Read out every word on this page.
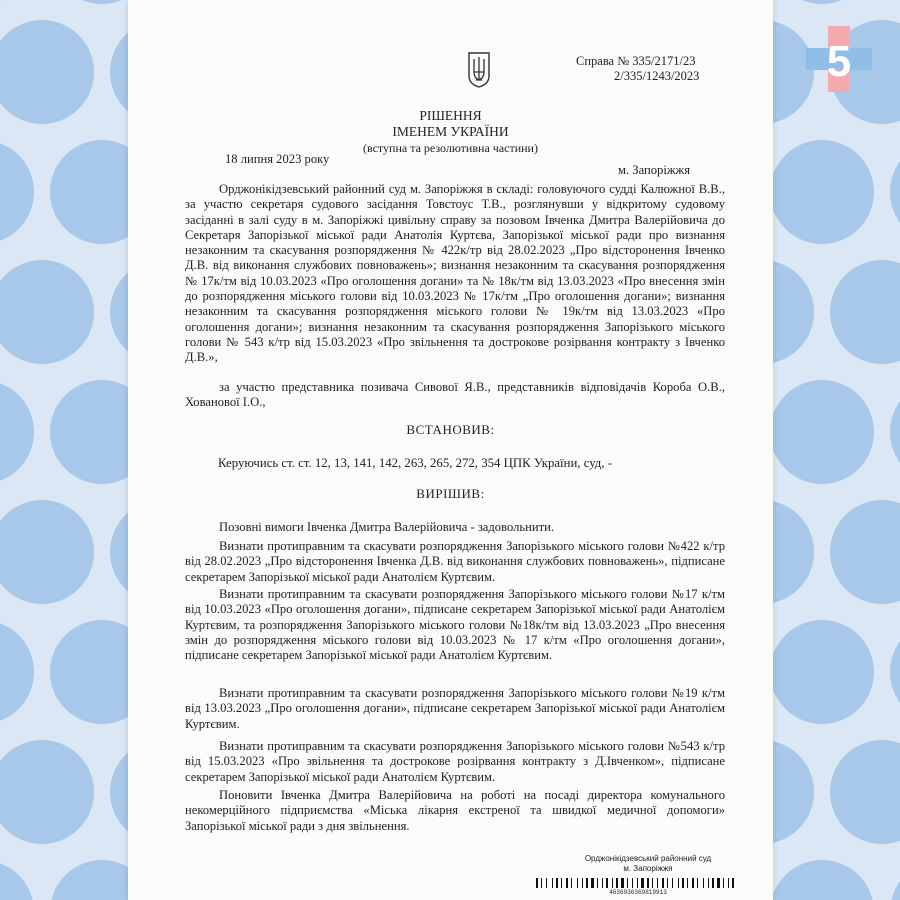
5
Справа № 335/2171/23
2/335/1243/2023
РІШЕННЯ
ІМЕНЕМ УКРАЇНИ
(вступна та резолютивна частини)
18 липня 2023 року
м. Запоріжжя

Орджонікідзевський районний суд м. Запоріжжя в складі: головуючого судді Калюжної В.В., за участю секретаря судового засідання Товстоус Т.В., розглянувши у відкритому судовому засіданні в залі суду в м. Запоріжжі цивільну справу за позовом Івченка Дмитра Валерійовича до Секретаря Запорізької міської ради Анатолія Куртєва, Запорізької міської ради про визнання незаконним та скасування розпорядження № 422к/тр від 28.02.2023 „Про відсторонення Івченко Д.В. від виконання службових повноважень»; визнання незаконним та скасування розпорядження № 17к/тм від 10.03.2023 «Про оголошення догани» та № 18к/тм від 13.03.2023 «Про внесення змін до розпорядження міського голови від 10.03.2023 № 17к/тм „Про оголошення догани»; визнання незаконним та скасування розпорядження міського голови № 19к/тм від 13.03.2023 «Про оголошення догани»; визнання незаконним та скасування розпорядження Запорізького міського голови № 543 к/тр від 15.03.2023 «Про звільнення та дострокове розірвання контракту з Івченко Д.В.»,

за участю представника позивача Сивової Я.В., представників відповідачів Короба О.В., Хованової І.О.,

ВСТАНОВИВ:
Керуючись ст. ст. 12, 13, 141, 142, 263, 265, 272, 354 ЦПК України, суд, -
ВИРІШИВ:

Позовні вимоги Івченка Дмитра Валерійовича - задовольнити.

Визнати протиправним та скасувати розпорядження Запорізького міського голови №422 к/тр від 28.02.2023 „Про відсторонення Івченка Д.В. від виконання службових повноважень», підписане секретарем Запорізької міської ради Анатолієм Куртєвим.

Визнати протиправним та скасувати розпорядження Запорізького міського голови №17 к/тм від 10.03.2023 «Про оголошення догани», підписане секретарем Запорізької міської ради Анатолієм Куртєвим, та розпорядження Запорізького міського голови №18к/тм від 13.03.2023 „Про внесення змін до розпорядження міського голови від 10.03.2023 № 17 к/тм «Про оголошення догани», підписане секретарем Запорізької міської ради Анатолієм Куртєвим.

Визнати протиправним та скасувати розпорядження Запорізького міського голови №19 к/тм від 13.03.2023 „Про оголошення догани», підписане секретарем Запорізької міської ради Анатолієм Куртєвим.

Визнати протиправним та скасувати розпорядження Запорізького міського голови №543 к/тр від 15.03.2023 «Про звільнення та дострокове розірвання контракту з Д.Івченком», підписане секретарем Запорізької міської ради Анатолієм Куртєвим.

Поновити Івченка Дмитра Валерійовича на роботі на посаді директора комунального некомерційного підприємства «Міська лікарня екстреної та швидкої медичної допомоги» Запорізької міської ради з дня звільнення.

Орджонікідзевський районний суд
м. Запоріжжя
4636936369819913
